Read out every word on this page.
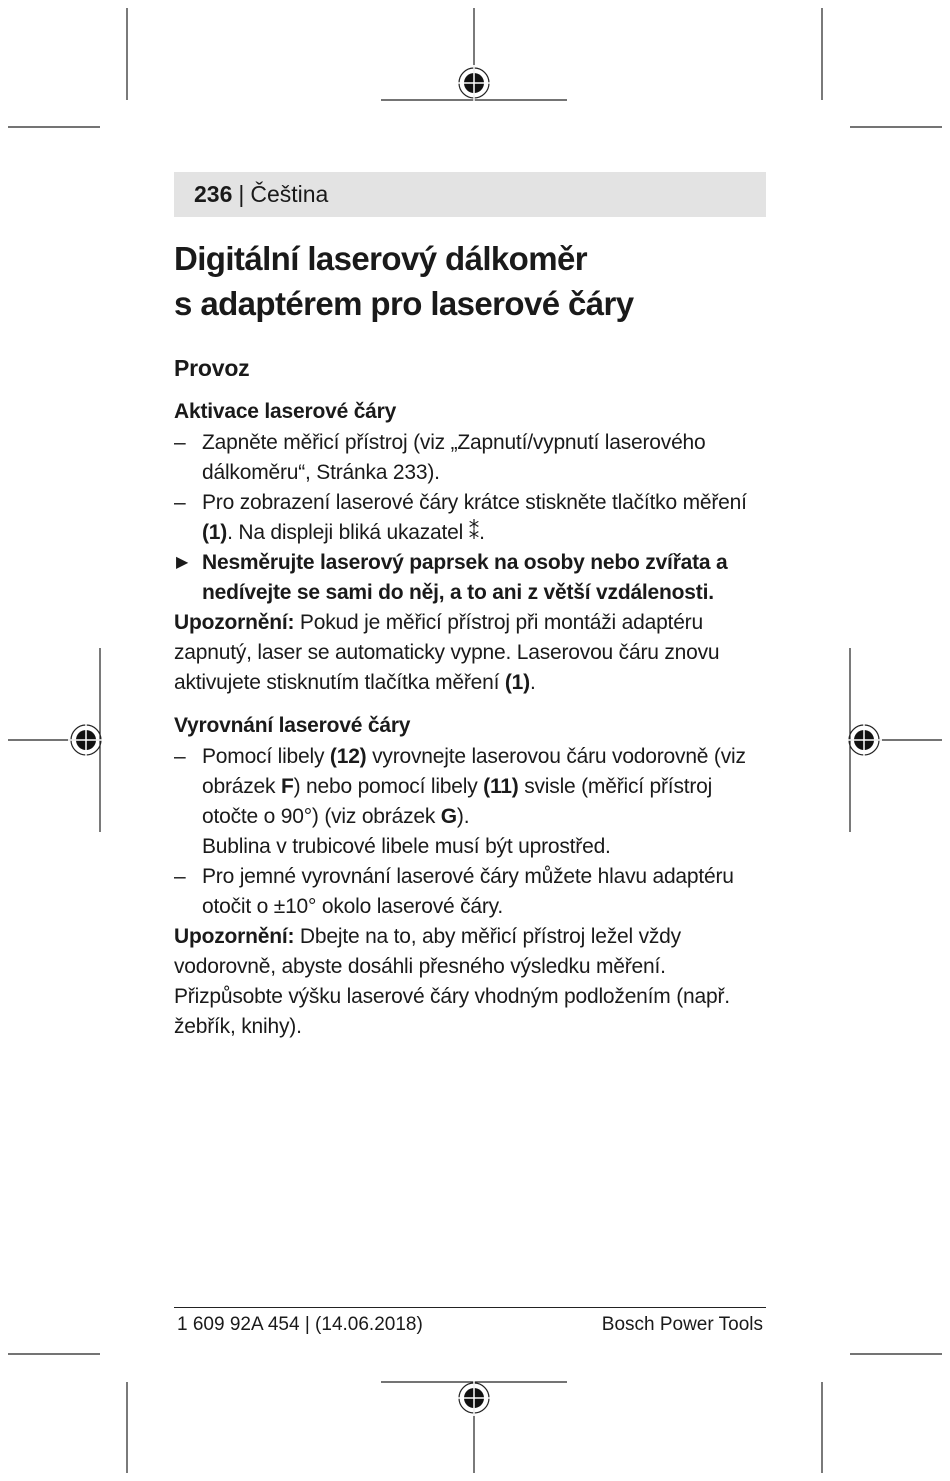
236 | Čeština
Digitální laserový dálkoměr
s adaptérem pro laserové čáry
Provoz
Aktivace laserové čáry
– Zapněte měřicí přístroj (viz „Zapnutí/vypnutí laserového dálkoměru“, Stránka 233).
– Pro zobrazení laserové čáry krátce stiskněte tlačítko měření (1). Na displeji bliká ukazatel ⁑.

▶ Nesměrujte laserový paprsek na osoby nebo zvířata a nedívejte se sami do něj, a to ani z větší vzdálenosti.

Upozornění: Pokud je měřicí přístroj při montáži adaptéru zapnutý, laser se automaticky vypne. Laserovou čáru znovu aktivujete stisknutím tlačítka měření (1).

Vyrovnání laserové čáry
– Pomocí libely (12) vyrovnejte laserovou čáru vodorovně (viz obrázek F) nebo pomocí libely (11) svisle (měřicí přístroj otočte o 90°) (viz obrázek G).
Bublina v trubicové libele musí být uprostřed.
– Pro jemné vyrovnání laserové čáry můžete hlavu adaptéru otočit o ±10° okolo laserové čáry.

Upozornění: Dbejte na to, aby měřicí přístroj ležel vždy vodorovně, abyste dosáhli přesného výsledku měření. Přizpůsobte výšku laserové čáry vhodným podložením (např. žebřík, knihy).

1 609 92A 454 | (14.06.2018)	Bosch Power Tools
